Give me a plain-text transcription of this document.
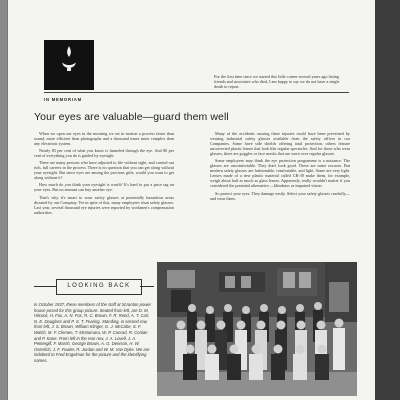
IN MEMORIAM
For the first time since we started this little corner several years ago listing friends and associates who died, I am happy to say we do not have a single death to report.
Your eyes are valuable—guard them well

When we open our eyes in the morning we set in motion a process faster than sound, more efficient than photographs and a thousand times more complex than any electronic system.

Nearly 85 per cent of what you know is funneled through the eye. And 80 per cent of everything you do is guided by eyesight.

There are many persons who have adjusted to life without sight, and carried out rich, full careers in the process. There is no question that you can get along without your eyesight. But since eyes are among the precious gifts, would you want to get along without it?

How much do you think your eyesight is worth? It's hard to put a price tag on your eyes. But no amount can buy another eye.

That's why it's smart to wear safety glasses at potentially hazardous areas dictated by our Company. Yet in spite of this, many employees shun safety glasses. Last year, several thousand eye injuries were reported by workmen's compensation authorities.

Many of the accidents causing these injuries could have been prevented by wearing industrial safety glasses available from the safety offices in our Companies. Some have side shields offering total protection, others feature uncorrected plastic lenses that look like regular spectacles. And for those who wear glasses, there are goggles or face masks that are worn over regular glasses.

Some employees may think the eye protection programme is a nuisance. The glasses are uncomfortable. They don't look good. These are some excuses. But modern safety glasses are fashionable, comfortable, and light. Some are very light. Lenses made of a new plastic material called CR-39 make them, for example, weigh about half as much as glass lenses. Apparently, really wouldn't matter if you considered the potential alternative —blindness or impaired vision.

So protect your eyes. They damage easily. Select your safety glasses carefully—and wear them.

LOOKING BACK
In October 1937, these members of the staff at Scranton power house posed for this group picture. Seated from left, are D. M. Hilcock, H. Fox, A. N. Fox, R. C. Brown, F. R. Reed, A. T. Carl, N. E. Douglass and P. S. T. Fearing. Standing, in second row, from left, J. S. Brown, William Klinger, G. J. McCabe, S. F. Walsh, M. F. Clemen, T. McNamara, W. P. Conrad, R. Conlan and P. Kane. From left in the rear row, J. A. Lovell, J. A. Pettengill, F. Marsh, George Brown, A. G. Denison, H. W. Osterlich, J. F. Fowler, R. Jordan and W. M. Van Dyke. We are indebted to Fred Engelman for the picture and the identifying names.
